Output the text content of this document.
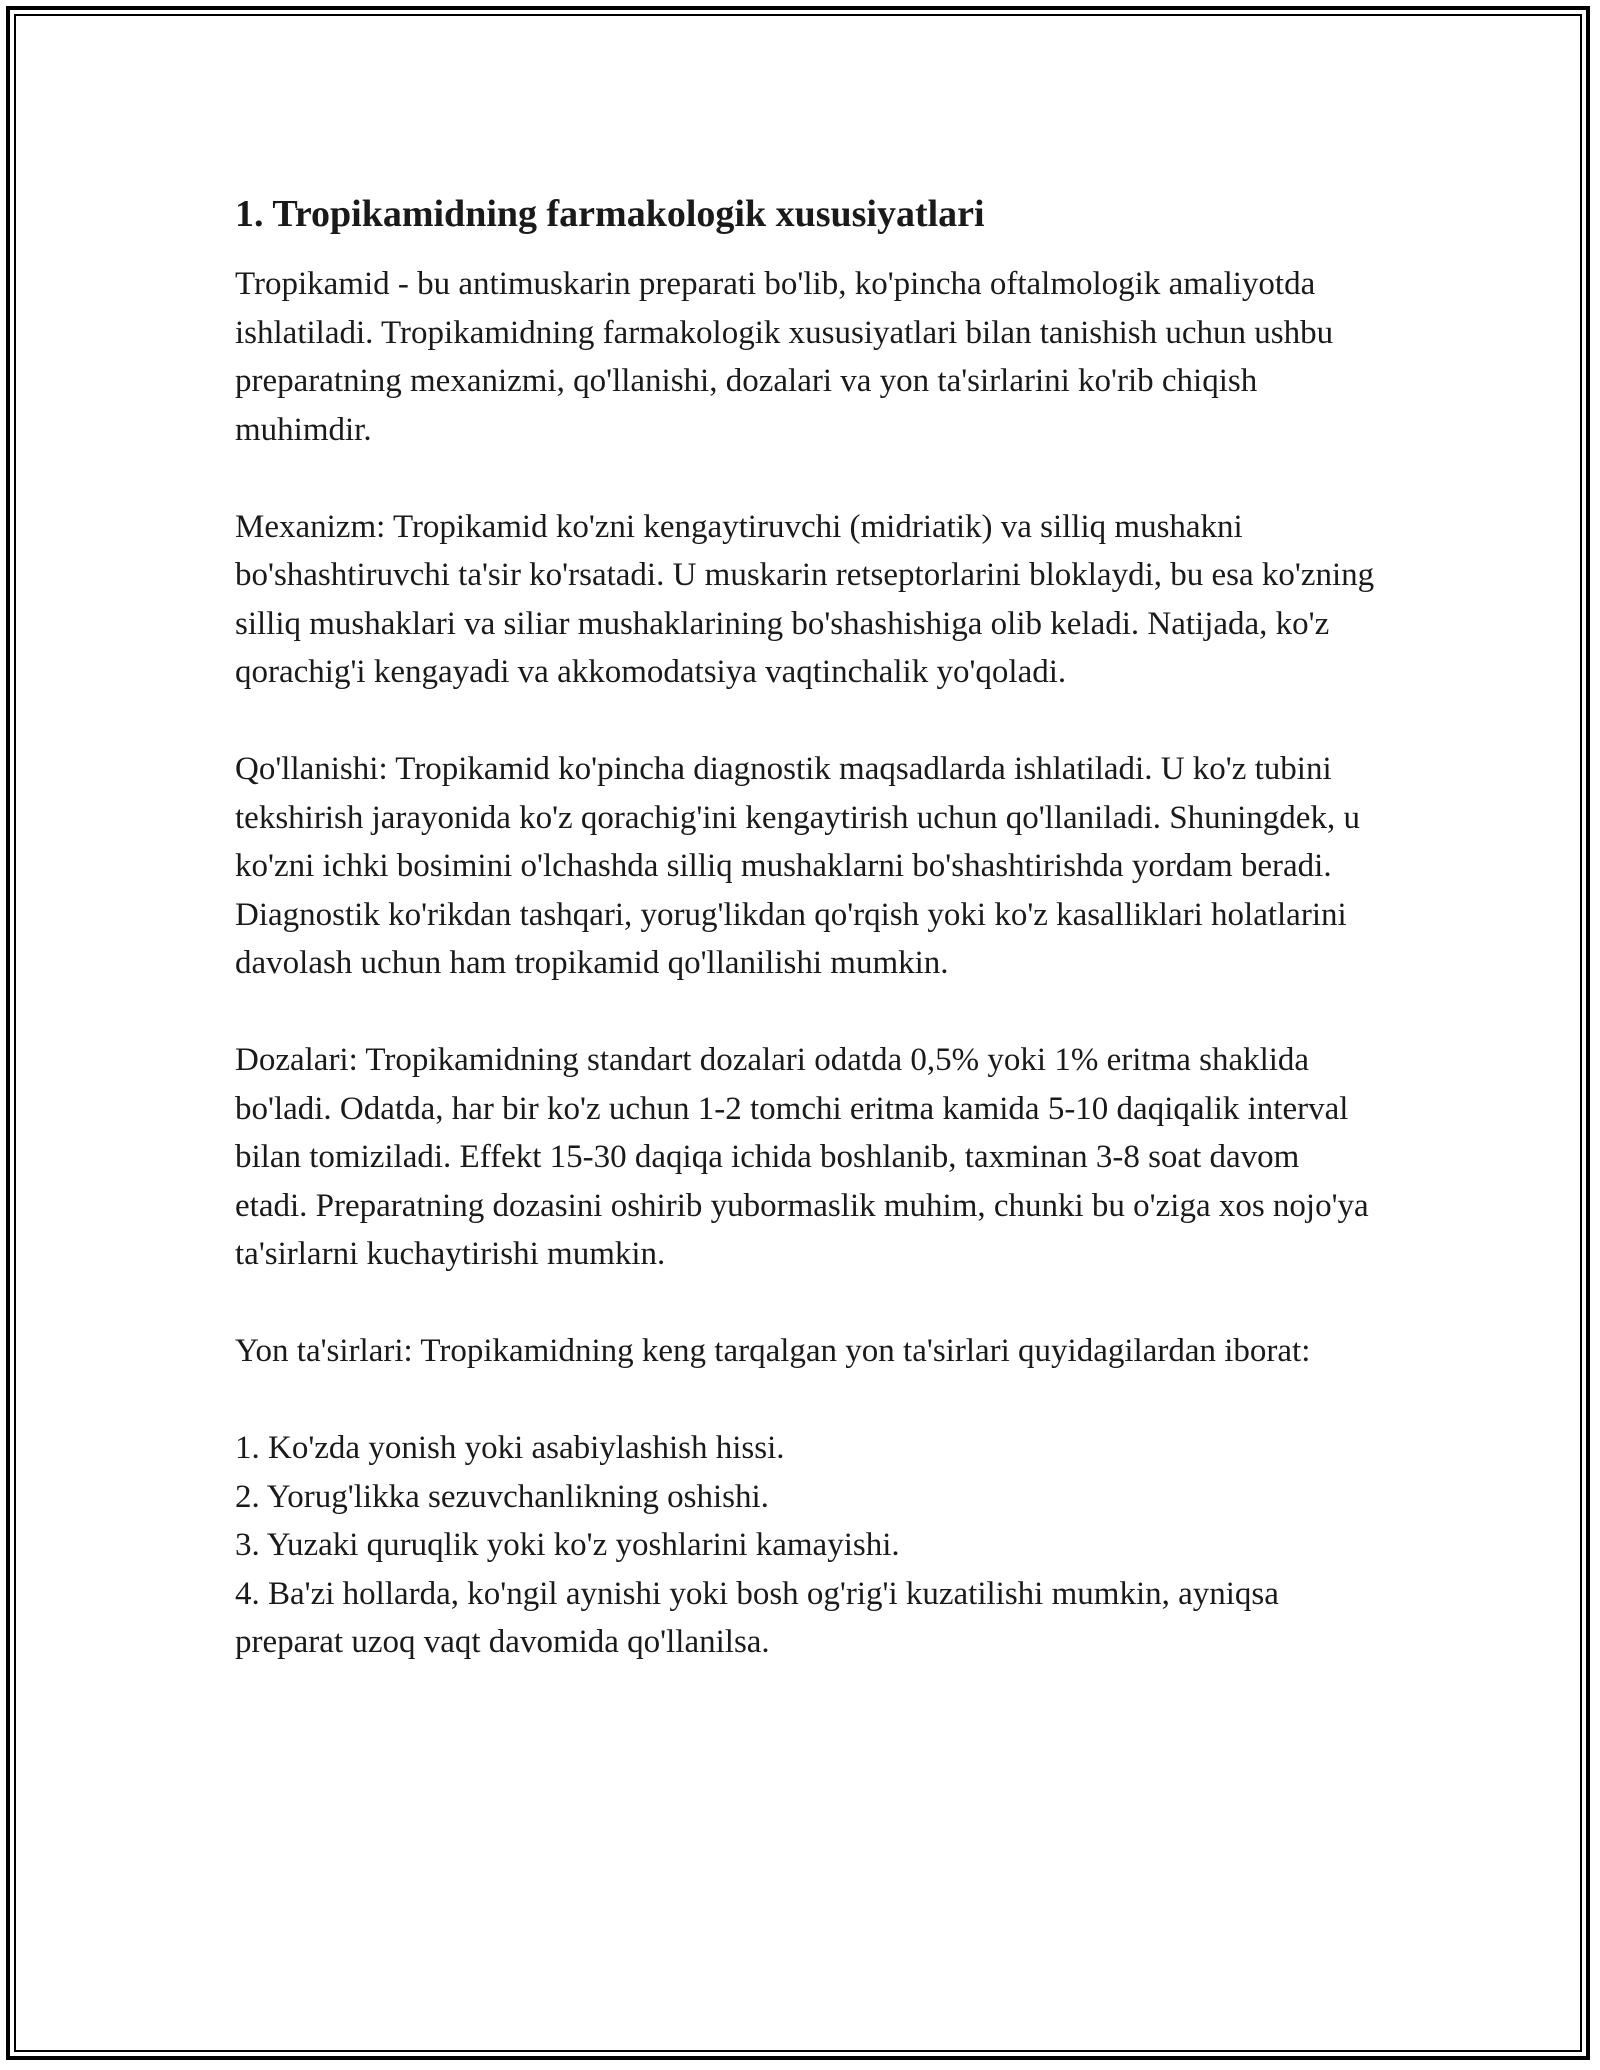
1. Tropikamidning farmakologik xususiyatlari

Tropikamid - bu antimuskarin preparati bo'lib, ko'pincha oftalmologik amaliyotda ishlatiladi. Tropikamidning farmakologik xususiyatlari bilan tanishish uchun ushbu preparatning mexanizmi, qo'llanishi, dozalari va yon ta'sirlarini ko'rib chiqish muhimdir.

Mexanizm: Tropikamid ko'zni kengaytiruvchi (midriatik) va silliq mushakni bo'shashtiruvchi ta'sir ko'rsatadi. U muskarin retseptorlarini bloklaydi, bu esa ko'zning silliq mushaklari va siliar mushaklarining bo'shashishiga olib keladi. Natijada, ko'z qorachig'i kengayadi va akkomodatsiya vaqtinchalik yo'qoladi.

Qo'llanishi: Tropikamid ko'pincha diagnostik maqsadlarda ishlatiladi. U ko'z tubini tekshirish jarayonida ko'z qorachig'ini kengaytirish uchun qo'llaniladi. Shuningdek, u ko'zni ichki bosimini o'lchashda silliq mushaklarni bo'shashtirishda yordam beradi. Diagnostik ko'rikdan tashqari, yorug'likdan qo'rqish yoki ko'z kasalliklari holatlarini davolash uchun ham tropikamid qo'llanilishi mumkin.

Dozalari: Tropikamidning standart dozalari odatda 0,5% yoki 1% eritma shaklida bo'ladi. Odatda, har bir ko'z uchun 1-2 tomchi eritma kamida 5-10 daqiqalik interval bilan tomiziladi. Effekt 15-30 daqiqa ichida boshlanib, taxminan 3-8 soat davom etadi. Preparatning dozasini oshirib yubormaslik muhim, chunki bu o'ziga xos nojo'ya ta'sirlarni kuchaytirishi mumkin.

Yon ta'sirlari: Tropikamidning keng tarqalgan yon ta'sirlari quyidagilardan iborat:

1. Ko'zda yonish yoki asabiylashish hissi.
2. Yorug'likka sezuvchanlikning oshishi.
3. Yuzaki quruqlik yoki ko'z yoshlarini kamayishi.
4. Ba'zi hollarda, ko'ngil aynishi yoki bosh og'rig'i kuzatilishi mumkin, ayniqsa preparat uzoq vaqt davomida qo'llanilsa.
